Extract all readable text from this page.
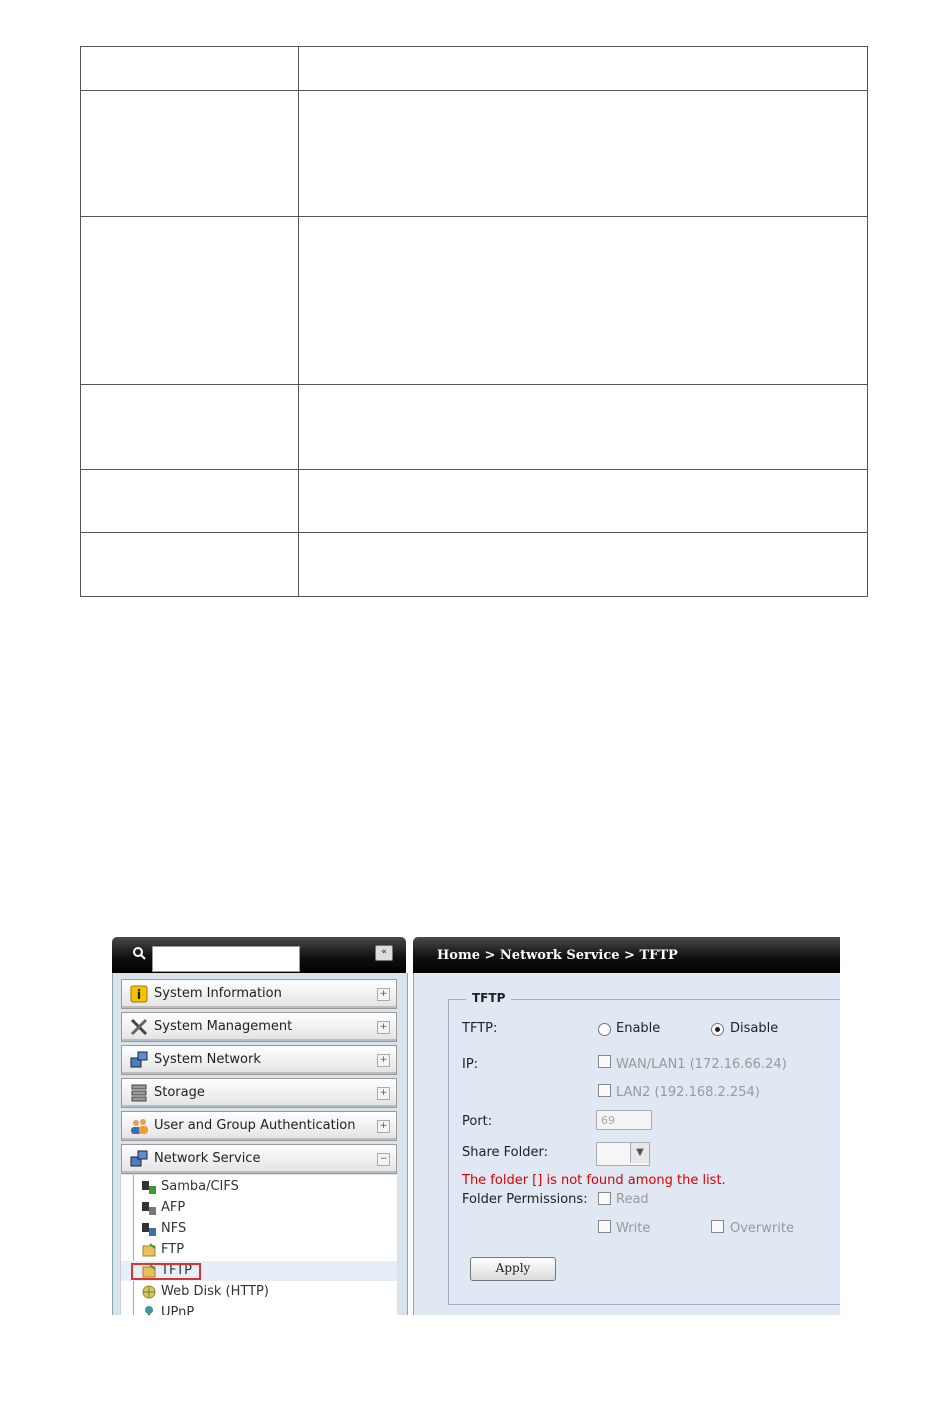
«
i System Information	+
System Management	+
System Network	+
Storage	+
User and Group Authentication	+
Network Service	−
Samba/CIFS
AFP
NFS
FTP
TFTP
Web Disk (HTTP)
UPnP
Home > Network Service > TFTP
TFTP
TFTP:	Enable	Disable
IP:	WAN/LAN1 (172.16.66.24)
LAN2 (192.168.2.254)
Port:	69
Share Folder:	▼
The folder [] is not found among the list.
Folder Permissions: Read
Write	Overwrite
Apply
